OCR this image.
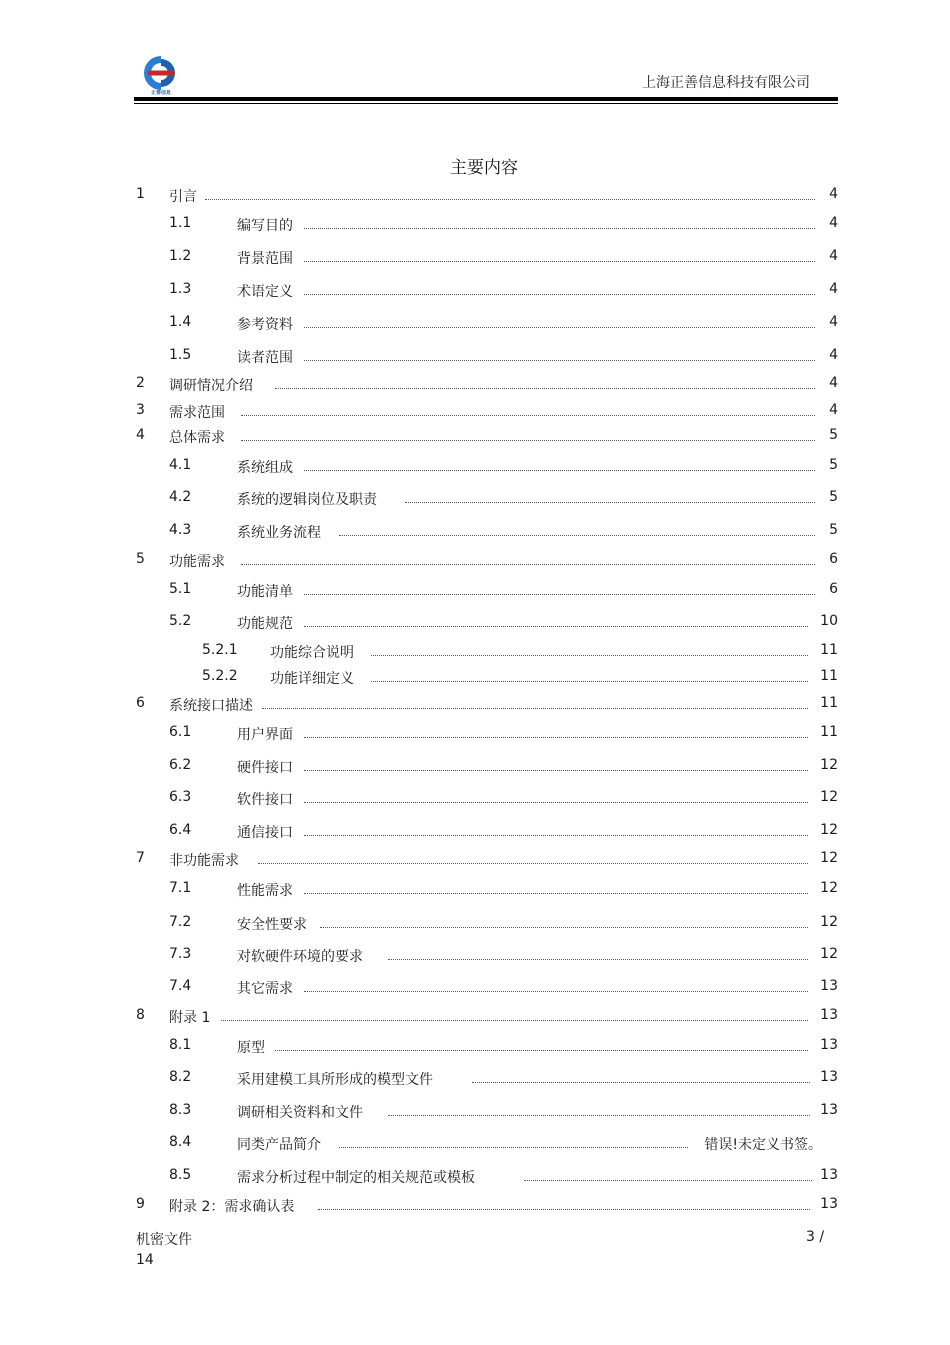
正善信息
上海正善信息科技有限公司
主要内容
1 引言	4
1.1	编写目的	4
1.2	背景范围	4
1.3	术语定义	4
1.4	参考资料	4
1.5	读者范围	4
2 调研情况介绍	4
3 需求范围	4
4 总体需求	5
4.1	系统组成	5
4.2	系统的逻辑岗位及职责	5
4.3	系统业务流程	5
5 功能需求	6
5.1	功能清单	6
5.2	功能规范	10
5.2.1 功能综合说明	11
5.2.2 功能详细定义	11
6 系统接口描述	11
6.1	用户界面	11
6.2	硬件接口	12
6.3	软件接口	12
6.4	通信接口	12
7 非功能需求	12
7.1	性能需求	12
7.2	安全性要求	12
7.3	对软硬件环境的要求	12
7.4	其它需求	13
8 附录 1	13
8.1	原型	13
8.2	采用建模工具所形成的模型文件	13
8.3	调研相关资料和文件	13
8.4	同类产品简介	错误!未定义书签。
8.5	需求分析过程中制定的相关规范或模板	13
9 附录 2：需求确认表	13
机密文件	3 /
14
